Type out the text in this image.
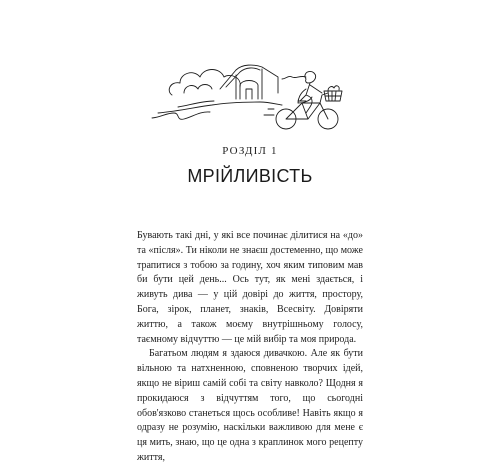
РОЗДІЛ 1
МРІЙЛИВІСТЬ

Бувають такі дні, у які все починає ділитися на «до» та «після». Ти ніколи не знаєш достеменно, що може трапитися з тобою за годину, хоч яким типовим мав би бути цей день... Ось тут, як мені здається, і живуть дива — у цій довірі до життя, простору, Бога, зірок, планет, знаків, Всесвіту. Довіряти життю, а також моєму внутрішньому голосу, таємному відчуттю — це мій вибір та моя природа.

Багатьом людям я здаюся дивачкою. Але як бути вільною та натхненною, сповненою творчих ідей, якщо не віриш самій собі та світу навколо? Щодня я прокидаюся з відчуттям того, що сьогодні обов'язково станеться щось особливе! Навіть якщо я одразу не розумію, наскільки важливою для мене є ця мить, знаю, що це одна з краплинок мого рецепту життя,
